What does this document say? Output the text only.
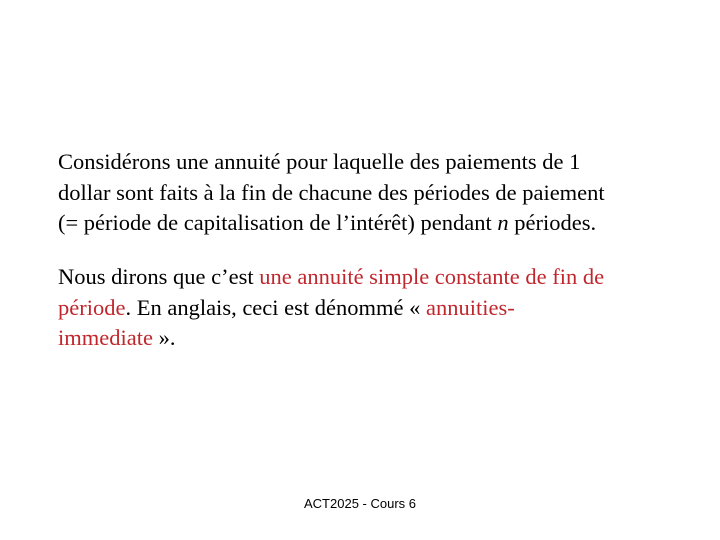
Considérons une annuité pour laquelle des paiements de 1
dollar sont faits à la fin de chacune des périodes de paiement
(= période de capitalisation de l’intérêt) pendant n périodes.

Nous dirons que c’est une annuité simple constante de fin de
période. En anglais, ceci est dénommé « annuities-
immediate ».

ACT2025 - Cours 6
